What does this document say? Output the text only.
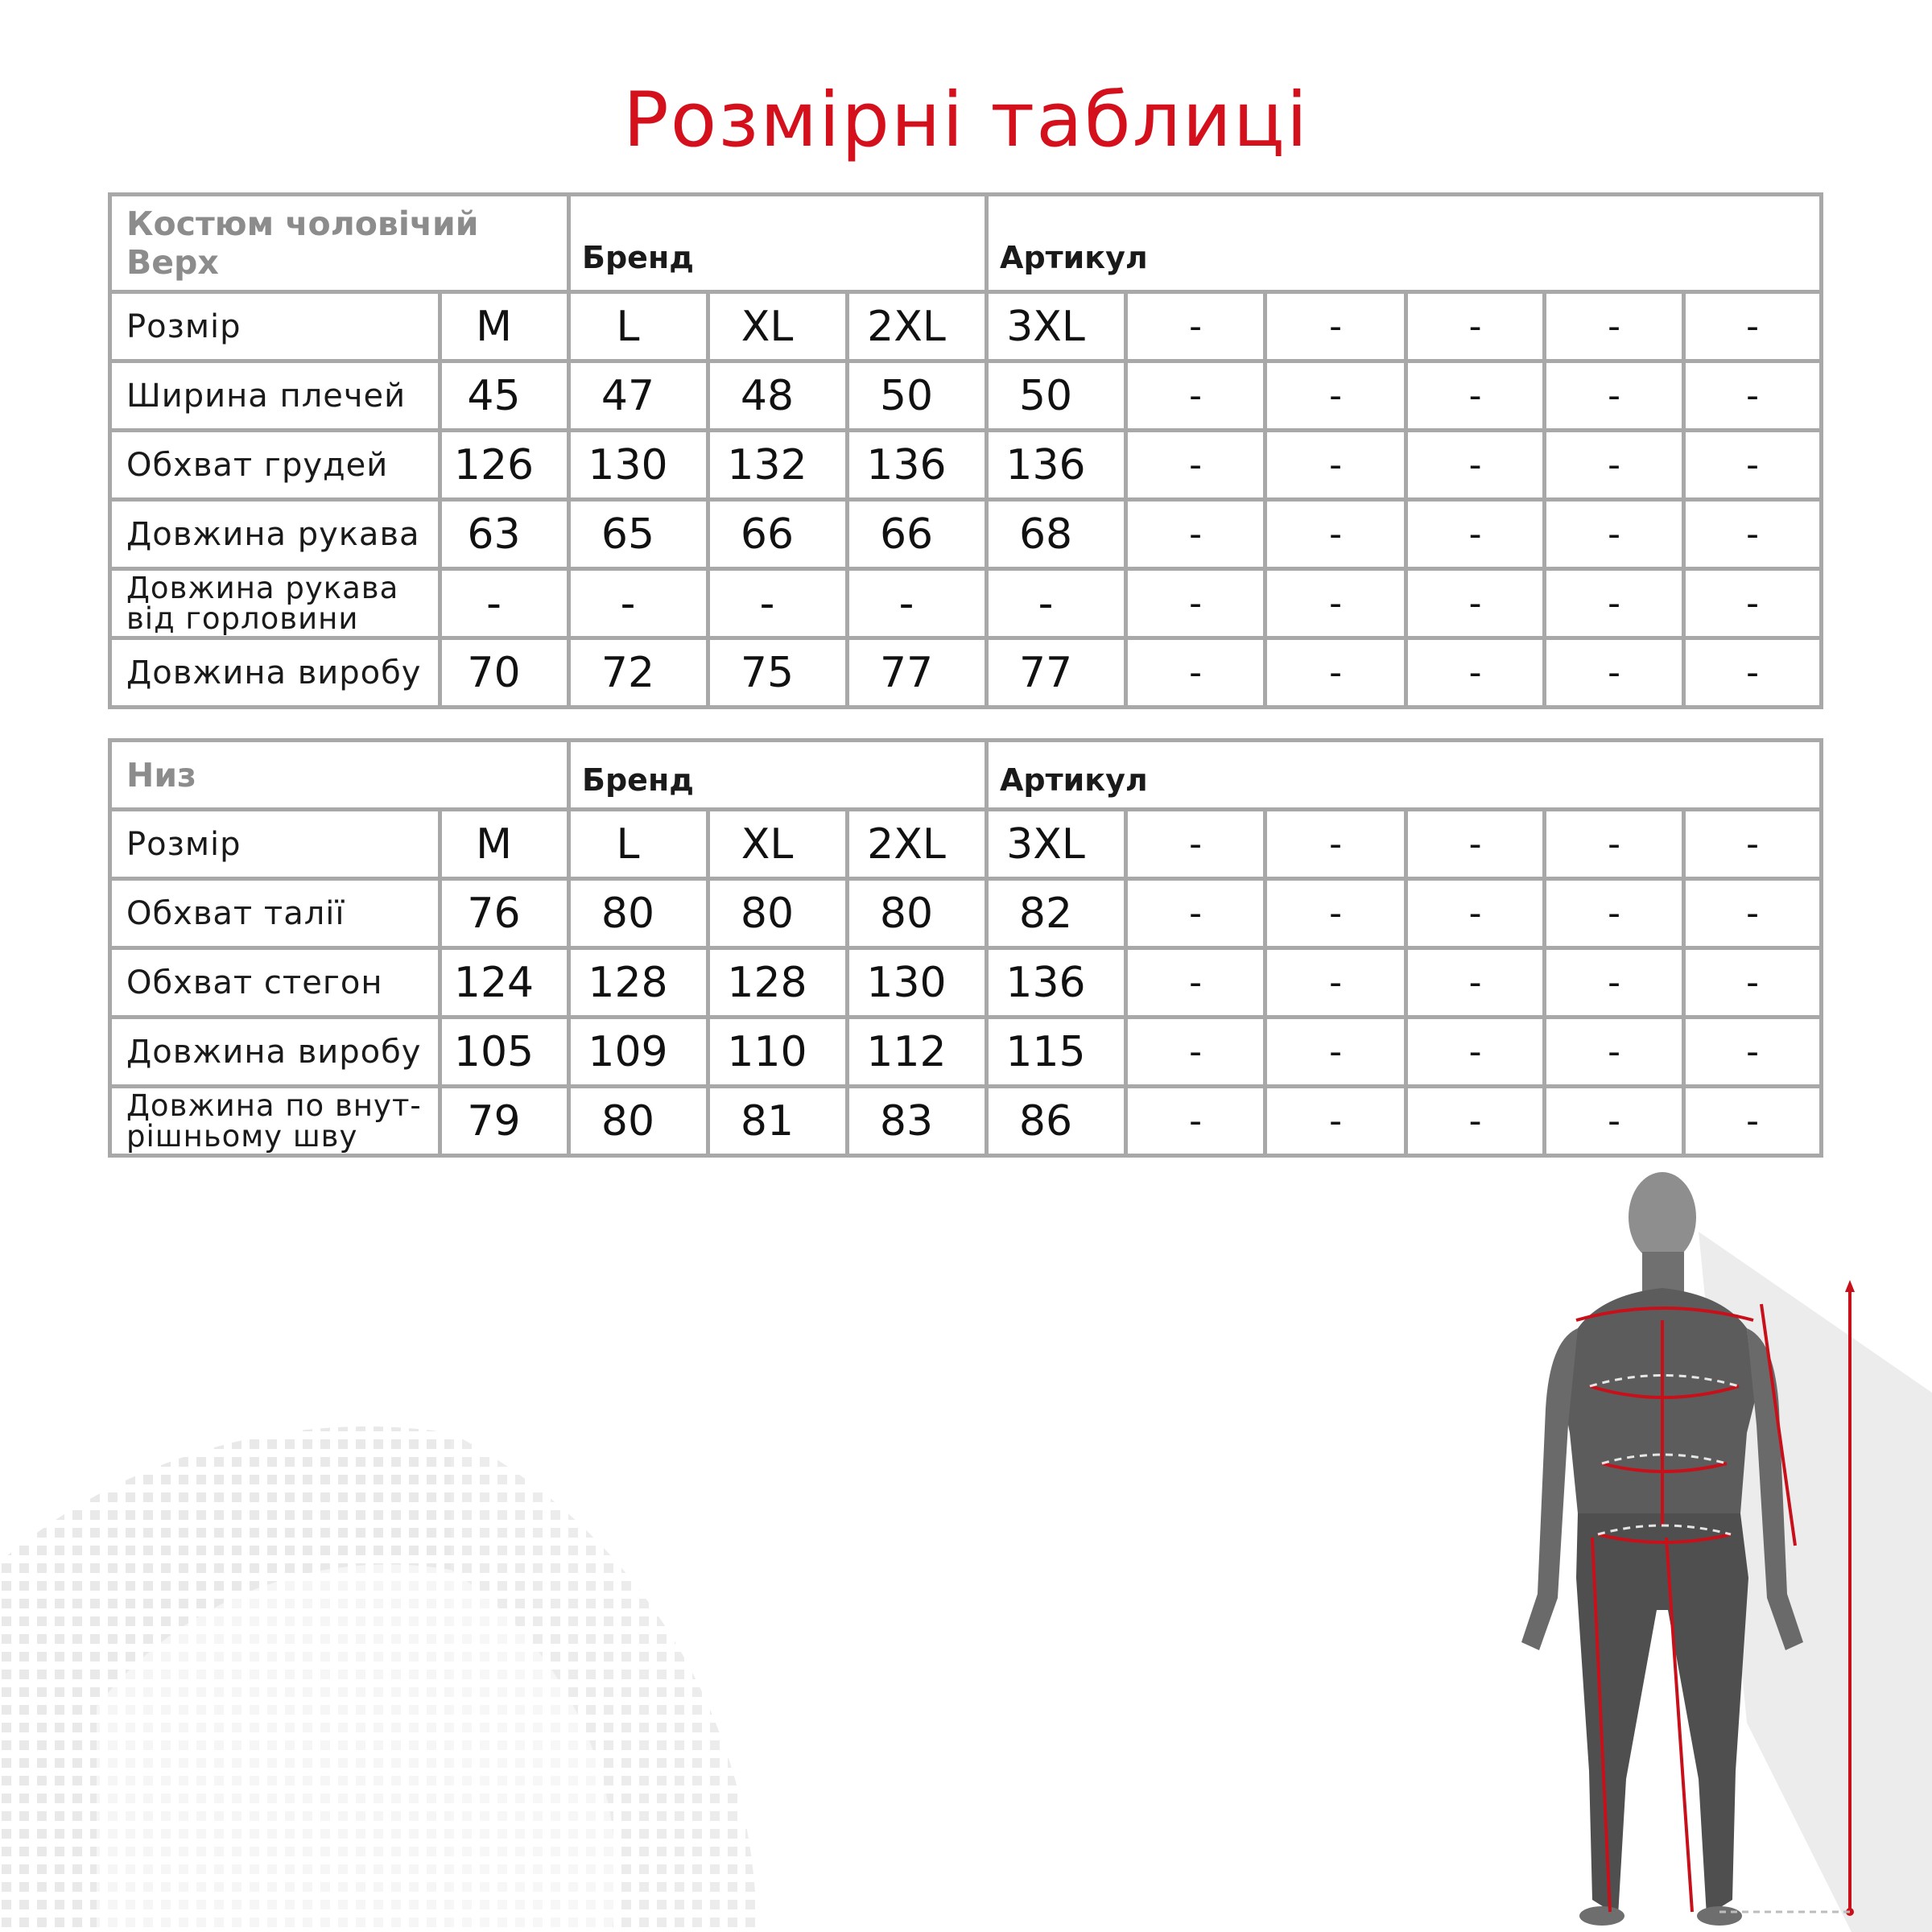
Розмірні таблиці
Костюм чоловічий
Верх		Бренд			Артикул					
Розмір	M	L	XL	2XL	3XL	-	-	-	-	-
Ширина плечей	45	47	48	50	50	-	-	-	-	-
Обхват грудей	126	130	132	136	136	-	-	-	-	-
Довжина рукава	63	65	66	66	68	-	-	-	-	-

Довжина рукава
від горловини	-	-	-	-	-	-	-	-	-	-
Довжина виробу	70	72	75	77	77	-	-	-	-	-
Низ		Бренд			Артикул					
Розмір	M	L	XL	2XL	3XL	-	-	-	-	-
Обхват талії	76	80	80	80	82	-	-	-	-	-
Обхват стегон	124	128	128	130	136	-	-	-	-	-
Довжина виробу	105	109	110	112	115	-	-	-	-	-

Довжина по внут-
рішньому шву	79	80	81	83	86	-	-	-	-	-
